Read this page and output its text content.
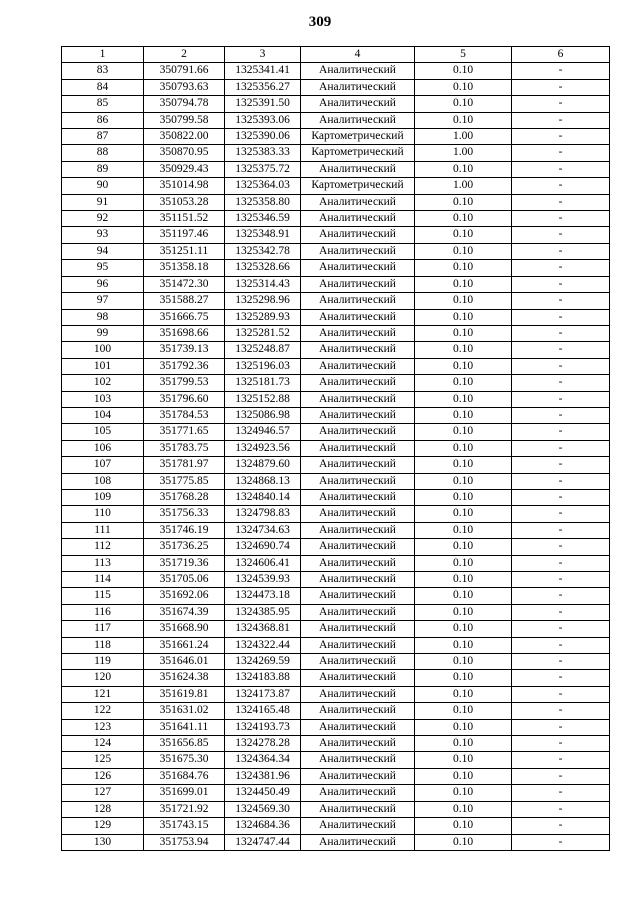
309
1	2	3	4	5	6
83	350791.66	1325341.41	Аналитический	0.10	-
84	350793.63	1325356.27	Аналитический	0.10	-
85	350794.78	1325391.50	Аналитический	0.10	-
86	350799.58	1325393.06	Аналитический	0.10	-
87	350822.00	1325390.06	Картометрический	1.00	-
88	350870.95	1325383.33	Картометрический	1.00	-
89	350929.43	1325375.72	Аналитический	0.10	-
90	351014.98	1325364.03	Картометрический	1.00	-
91	351053.28	1325358.80	Аналитический	0.10	-
92	351151.52	1325346.59	Аналитический	0.10	-
93	351197.46	1325348.91	Аналитический	0.10	-
94	351251.11	1325342.78	Аналитический	0.10	-
95	351358.18	1325328.66	Аналитический	0.10	-
96	351472.30	1325314.43	Аналитический	0.10	-
97	351588.27	1325298.96	Аналитический	0.10	-
98	351666.75	1325289.93	Аналитический	0.10	-
99	351698.66	1325281.52	Аналитический	0.10	-
100	351739.13	1325248.87	Аналитический	0.10	-
101	351792.36	1325196.03	Аналитический	0.10	-
102	351799.53	1325181.73	Аналитический	0.10	-
103	351796.60	1325152.88	Аналитический	0.10	-
104	351784.53	1325086.98	Аналитический	0.10	-
105	351771.65	1324946.57	Аналитический	0.10	-
106	351783.75	1324923.56	Аналитический	0.10	-
107	351781.97	1324879.60	Аналитический	0.10	-
108	351775.85	1324868.13	Аналитический	0.10	-
109	351768.28	1324840.14	Аналитический	0.10	-
110	351756.33	1324798.83	Аналитический	0.10	-
111	351746.19	1324734.63	Аналитический	0.10	-
112	351736.25	1324690.74	Аналитический	0.10	-
113	351719.36	1324606.41	Аналитический	0.10	-
114	351705.06	1324539.93	Аналитический	0.10	-
115	351692.06	1324473.18	Аналитический	0.10	-
116	351674.39	1324385.95	Аналитический	0.10	-
117	351668.90	1324368.81	Аналитический	0.10	-
118	351661.24	1324322.44	Аналитический	0.10	-
119	351646.01	1324269.59	Аналитический	0.10	-
120	351624.38	1324183.88	Аналитический	0.10	-
121	351619.81	1324173.87	Аналитический	0.10	-
122	351631.02	1324165.48	Аналитический	0.10	-
123	351641.11	1324193.73	Аналитический	0.10	-
124	351656.85	1324278.28	Аналитический	0.10	-
125	351675.30	1324364.34	Аналитический	0.10	-
126	351684.76	1324381.96	Аналитический	0.10	-
127	351699.01	1324450.49	Аналитический	0.10	-
128	351721.92	1324569.30	Аналитический	0.10	-
129	351743.15	1324684.36	Аналитический	0.10	-
130	351753.94	1324747.44	Аналитический	0.10	-
